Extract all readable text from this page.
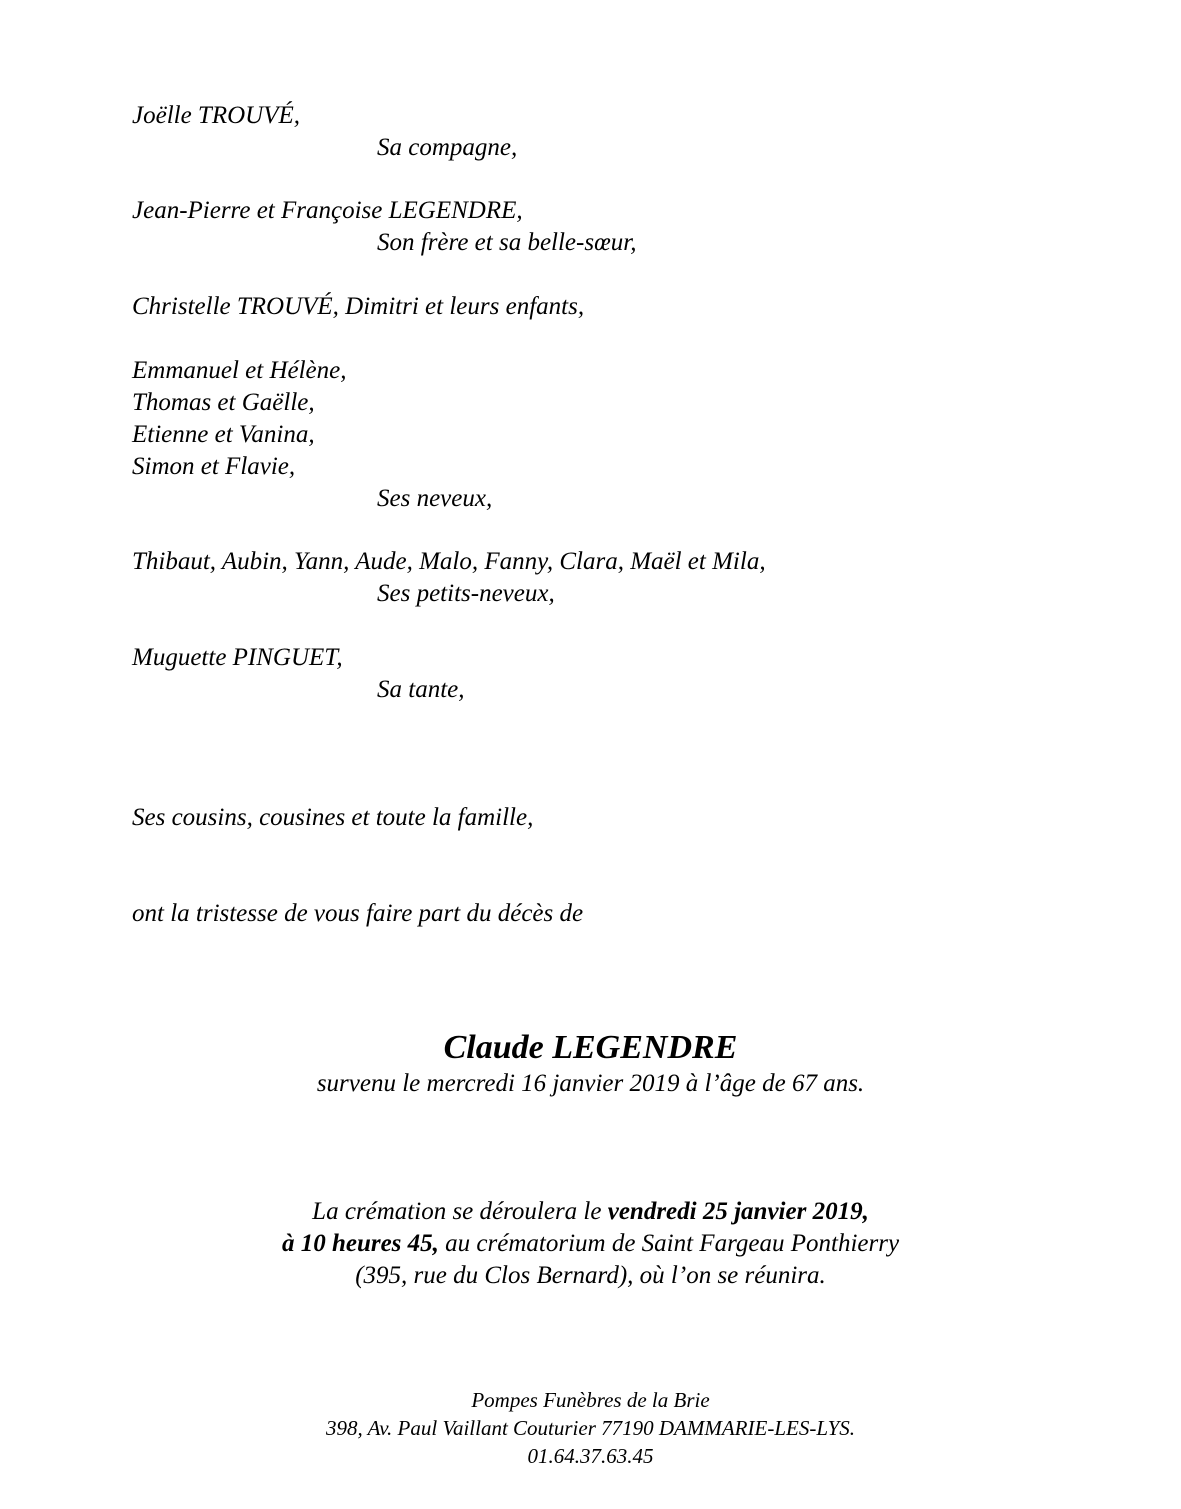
Joëlle TROUVÉ,
Sa compagne,
Jean-Pierre et Françoise LEGENDRE,
Son frère et sa belle-sœur,
Christelle TROUVÉ, Dimitri et leurs enfants,
Emmanuel et Hélène,
Thomas et Gaëlle,
Etienne et Vanina,
Simon et Flavie,
Ses neveux,
Thibaut, Aubin, Yann, Aude, Malo, Fanny, Clara, Maël et Mila,
Ses petits-neveux,
Muguette PINGUET,
Sa tante,
Ses cousins, cousines et toute la famille,
ont la tristesse de vous faire part du décès de
Claude LEGENDRE
survenu le mercredi 16 janvier 2019 à l’âge de 67 ans.
La crémation se déroulera le vendredi 25 janvier 2019,
à 10 heures 45, au crématorium de Saint Fargeau Ponthierry
(395, rue du Clos Bernard), où l’on se réunira.
Pompes Funèbres de la Brie
398, Av. Paul Vaillant Couturier 77190 DAMMARIE-LES-LYS.
01.64.37.63.45
